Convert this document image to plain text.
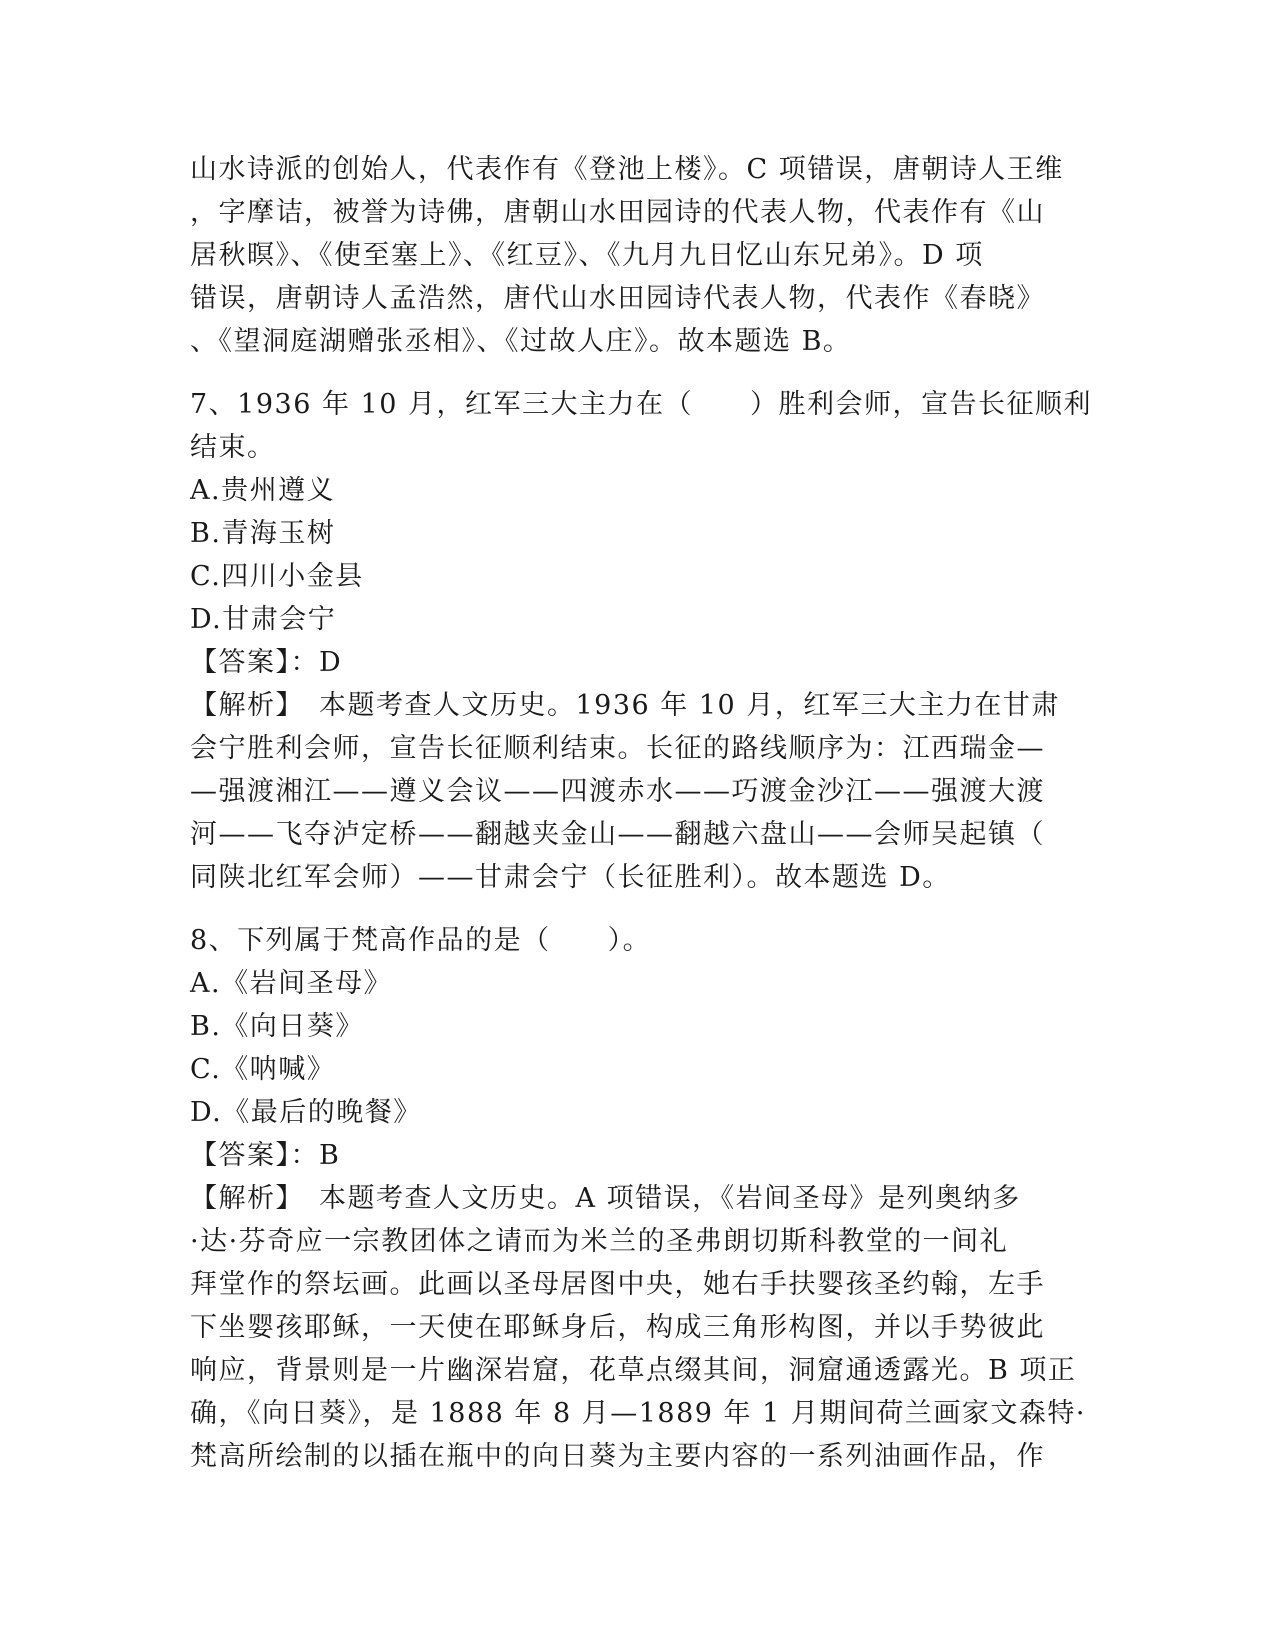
山水诗派的创始人，代表作有《登池上楼》。C 项错误，唐朝诗人王维
，字摩诘，被誉为诗佛，唐朝山水田园诗的代表人物，代表作有《山
居秋暝》、《使至塞上》、《红豆》、《九月九日忆山东兄弟》。D 项
错误，唐朝诗人孟浩然，唐代山水田园诗代表人物，代表作《春晓》
、《望洞庭湖赠张丞相》、《过故人庄》。故本题选 B。
7、1936 年 10 月，红军三大主力在（　　）胜利会师，宣告长征顺利
结束。
A.贵州遵义
B.青海玉树
C.四川小金县
D.甘肃会宁
【答案】：D
【解析】　本题考查人文历史。1936 年 10 月，红军三大主力在甘肃
会宁胜利会师，宣告长征顺利结束。长征的路线顺序为：江西瑞金—
—强渡湘江——遵义会议——四渡赤水——巧渡金沙江——强渡大渡
河——飞夺泸定桥——翻越夹金山——翻越六盘山——会师吴起镇（
同陕北红军会师）——甘肃会宁（长征胜利）。故本题选 D。
8、下列属于梵高作品的是（　　）。
A.《岩间圣母》
B.《向日葵》
C.《呐喊》
D.《最后的晚餐》
【答案】：B
【解析】　本题考查人文历史。A 项错误，《岩间圣母》是列奥纳多
·达·芬奇应一宗教团体之请而为米兰的圣弗朗切斯科教堂的一间礼
拜堂作的祭坛画。此画以圣母居图中央，她右手扶婴孩圣约翰，左手
下坐婴孩耶稣，一天使在耶稣身后，构成三角形构图，并以手势彼此
响应，背景则是一片幽深岩窟，花草点缀其间，洞窟通透露光。B 项正
确，《向日葵》，是 1888 年 8 月—1889 年 1 月期间荷兰画家文森特·
梵高所绘制的以插在瓶中的向日葵为主要内容的一系列油画作品，作
